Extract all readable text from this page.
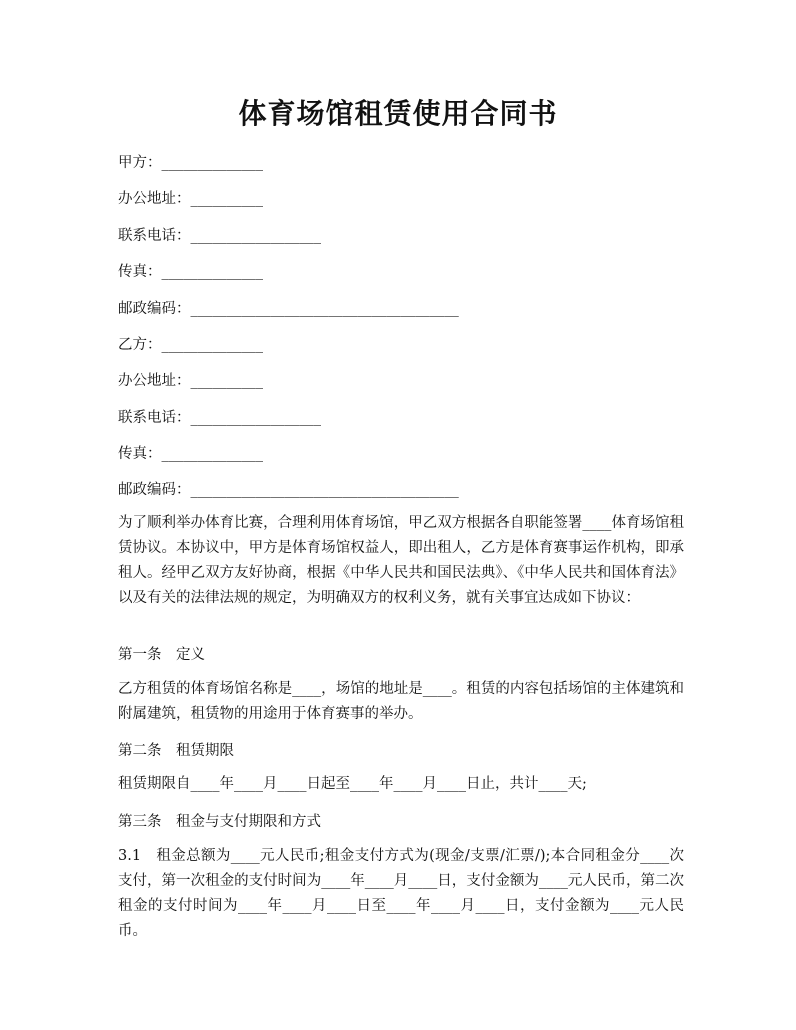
体育场馆租赁使用合同书
甲方：______________
办公地址：__________
联系电话：__________________
传真：______________
邮政编码：_____________________________________
乙方：______________
办公地址：__________
联系电话：__________________
传真：______________
邮政编码：_____________________________________
为了顺利举办体育比赛，合理利用体育场馆，甲乙双方根据各自职能签署____体育场馆租赁协议。本协议中，甲方是体育场馆权益人，即出租人，乙方是体育赛事运作机构，即承租人。经甲乙双方友好协商，根据《中华人民共和国民法典》、《中华人民共和国体育法》以及有关的法律法规的规定，为明确双方的权利义务，就有关事宜达成如下协议：
第一条　定义
乙方租赁的体育场馆名称是____，场馆的地址是____。租赁的内容包括场馆的主体建筑和附属建筑，租赁物的用途用于体育赛事的举办。
第二条　租赁期限
租赁期限自____年____月____日起至____年____月____日止，共计____天;
第三条　租金与支付期限和方式
3.1　租金总额为____元人民币;租金支付方式为(现金/支票/汇票/);本合同租金分____次支付，第一次租金的支付时间为____年____月____日，支付金额为____元人民币，第二次租金的支付时间为____年____月____日至____年____月____日，支付金额为____元人民币。
